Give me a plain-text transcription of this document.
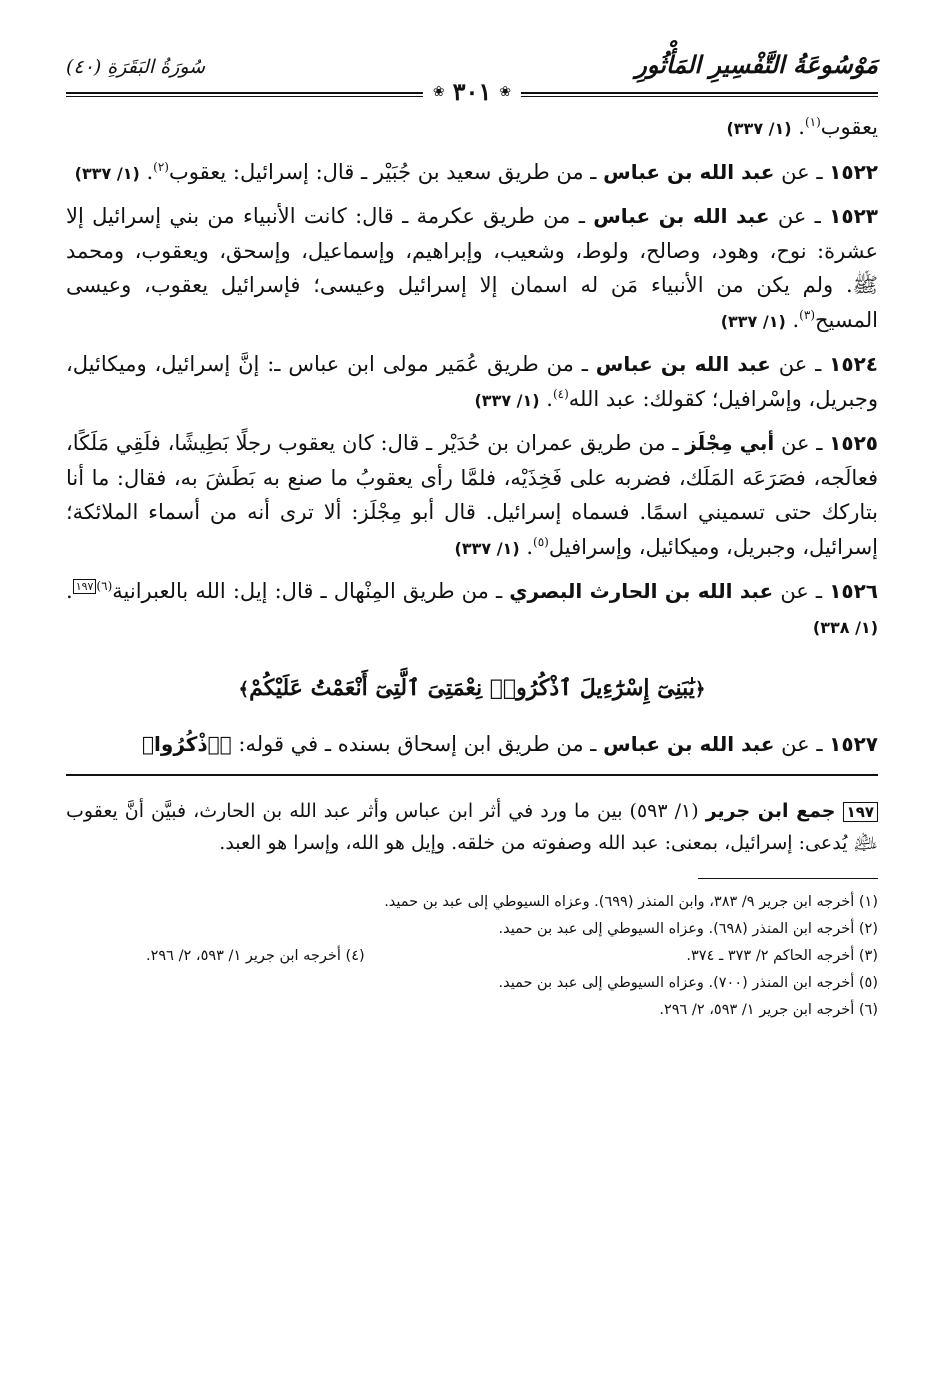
مَوْسُوعَةُ التَّفْسِيرِ المَأْثُورِ
❀
٣٠١
❀
سُورَةُ البَقَرَةِ (٤٠)

يعقوب$^{(١)}$. (١/ ٣٣٧)

١٥٢٢ ـ عن عبد الله بن عباس ـ من طريق سعيد بن جُبَيْر ـ قال: إسرائيل: يعقوب$^{(٢)}$. (١/ ٣٣٧)

١٥٢٣ ـ عن عبد الله بن عباس ـ من طريق عكرمة ـ قال: كانت الأنبياء من بني إسرائيل إلا عشرة: نوح، وهود، وصالح، ولوط، وشعيب، وإبراهيم، وإسماعيل، وإسحق، ويعقوب، ومحمد ﷺ. ولم يكن من الأنبياء مَن له اسمان إلا إسرائيل وعيسى؛ فإسرائيل يعقوب، وعيسى المسيح$^{(٣)}$. (١/ ٣٣٧)

١٥٢٤ ـ عن عبد الله بن عباس ـ من طريق عُمَير مولى ابن عباس ـ: إنَّ إسرائيل، وميكائيل، وجبريل، وإسْرافيل؛ كقولك: عبد الله$^{(٤)}$. (١/ ٣٣٧)

١٥٢٥ ـ عن أبي مِجْلَز ـ من طريق عمران بن حُدَيْر ـ قال: كان يعقوب رجلًا بَطِيشًا، فلَقِي مَلَكًا، فعالَجه، فصَرَعَه المَلَك، فضربه على فَخِذَيْه، فلمَّا رأى يعقوبُ ما صنع به بَطَشَ به، فقال: ما أنا بتاركك حتى تسميني اسمًا. فسماه إسرائيل. قال أبو مِجْلَز: ألا ترى أنه من أسماء الملائكة؛ إسرائيل، وجبريل، وميكائيل، وإسرافيل$^{(٥)}$. (١/ ٣٣٧)

١٥٢٦ ـ عن عبد الله بن الحارث البصري ـ من طريق المِنْهال ـ قال: إيل: الله بالعبرانية$^{(٦)}$١٩٧. (١/ ٣٣٨)

﴿يَٰبَنِىٓ إِسْرَٰٓءِيلَ ٱذْكُرُوا۟ نِعْمَتِىَ ٱلَّتِىٓ أَنْعَمْتُ عَلَيْكُمْ﴾

١٥٢٧ ـ عن عبد الله بن عباس ـ من طريق ابن إسحاق بسنده ـ في قوله: ﴿ٱذْكُرُوا۟

١٩٧ جمع ابن جرير (١/ ٥٩٣) بين ما ورد في أثر ابن عباس وأثر عبد الله بن الحارث، فبيَّن أنَّ يعقوب ﵇ يُدعى: إسرائيل، بمعنى: عبد الله وصفوته من خلقه. وإيل هو الله، وإسرا هو العبد.

(١) أخرجه ابن جرير ٩/ ٣٨٣، وابن المنذر (٦٩٩). وعزاه السيوطي إلى عبد بن حميد.
(٢) أخرجه ابن المنذر (٦٩٨). وعزاه السيوطي إلى عبد بن حميد.
(٣) أخرجه الحاكم ٢/ ٣٧٣ ـ ٣٧٤.
(٤) أخرجه ابن جرير ١/ ٥٩٣، ٢/ ٢٩٦.
(٥) أخرجه ابن المنذر (٧٠٠). وعزاه السيوطي إلى عبد بن حميد.
(٦) أخرجه ابن جرير ١/ ٥٩٣، ٢/ ٢٩٦.
